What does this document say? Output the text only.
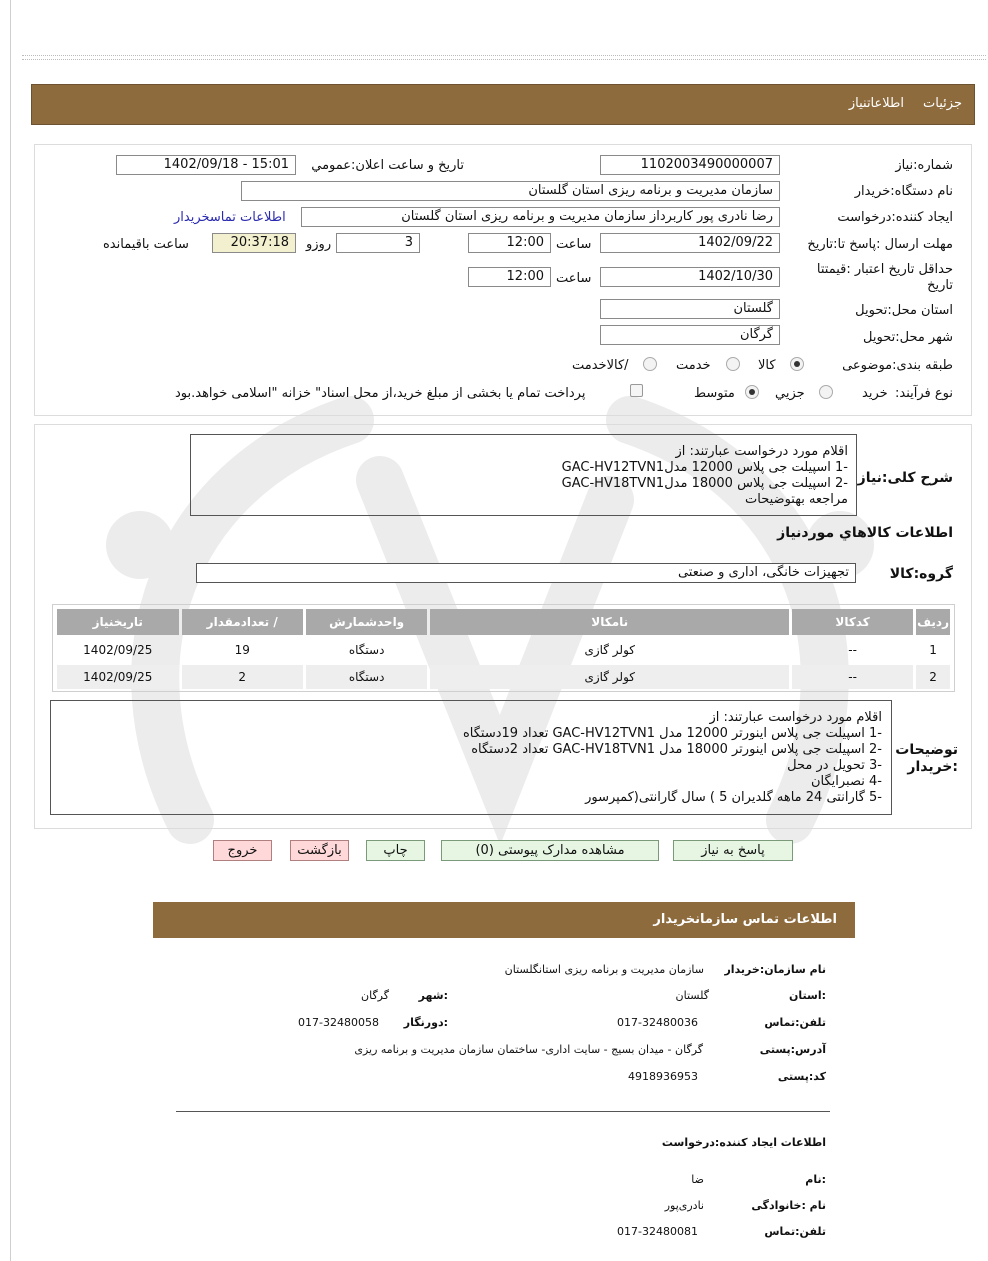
جزئيات
اطلاعاتنياز
شماره:نياز
1102003490000007
تاريخ و ساعت اعلان:عمومي
1402/09/18 - 15:01
نام دستگاه:خريدار
سازمان مديريت و برنامه ريزی استان گلستان
ايجاد کننده:درخواست
رضا نادری پور کاربرداز سازمان مديريت و برنامه ريزی استان گلستان
اطلاعات تماسخريدار
مهلت ارسال :پاسخ تا:تاريخ
1402/09/22
ساعت
12:00
3
روزو
20:37:18
ساعت باقيمانده
حداقل تاريخ اعتبار :قيمتتا تاريخ
1402/10/30
ساعت
12:00
استان محل:تحويل
گلستان
شهر محل:تحويل
گرگان
طبقه بندی:موضوعی
کالا
خدمت
/کالاخدمت
نوع فرآيند:
خريد
جزيي
متوسط
پرداخت تمام يا بخشی از مبلغ خريد،از محل اسناد" خزانه "اسلامی خواهد.بود
شرح کلی:نياز
اقلام مورد درخواست عبارتند: از
-1 اسپيلت جی پلاس 12000 مدلGAC-HV12TVN1
-2 اسپيلت جی پلاس 18000 مدلGAC-HV18TVN1
مراجعه بهتوضيحات
اطلاعات کالاهاي موردنياز
گروه:کالا
تجهيزات خانگی، اداری و صنعتی
رديف	کدکالا	نامکالا	واحدشمارش	/ تعدادمقدار	تاريخنياز
1	--	کولر گازی	دستگاه	19	1402/09/25
2	--	کولر گازی	دستگاه	2	1402/09/25
توضيحات :خريدار
اقلام مورد درخواست عبارتند: از
-1 اسپيلت جی پلاس اينورتر 12000 مدل GAC-HV12TVN1 تعداد 19دستگاه
-2 اسپيلت جی پلاس اينورتر 18000 مدل GAC-HV18TVN1 تعداد 2دستگاه
-3 تحويل در محل
-4 نصبرايگان
-5 گارانتی 24 ماهه گلديران 5 ) سال گارانتی(کمپرسور
پاسخ به نياز
مشاهده مدارک پيوستی (0)
چاپ
بازگشت
خروج
اطلاعات تماس سازمانخريدار
نام سازمان:خريدار
سازمان مديريت و برنامه ريزی استانگلستان
:استان
گلستان
:شهر
گرگان
تلفن:تماس
017-32480036
:دورنگار
017-32480058
آدرس:پستی
گرگان - ميدان بسيج - سايت اداری- ساختمان سازمان مديريت و برنامه ريزی
کد:پستی
4918936953
اطلاعات ايجاد کننده:درخواست
:نام
ضا
نام :خانوادگی
نادری‌پور
تلفن:تماس
017-32480081
